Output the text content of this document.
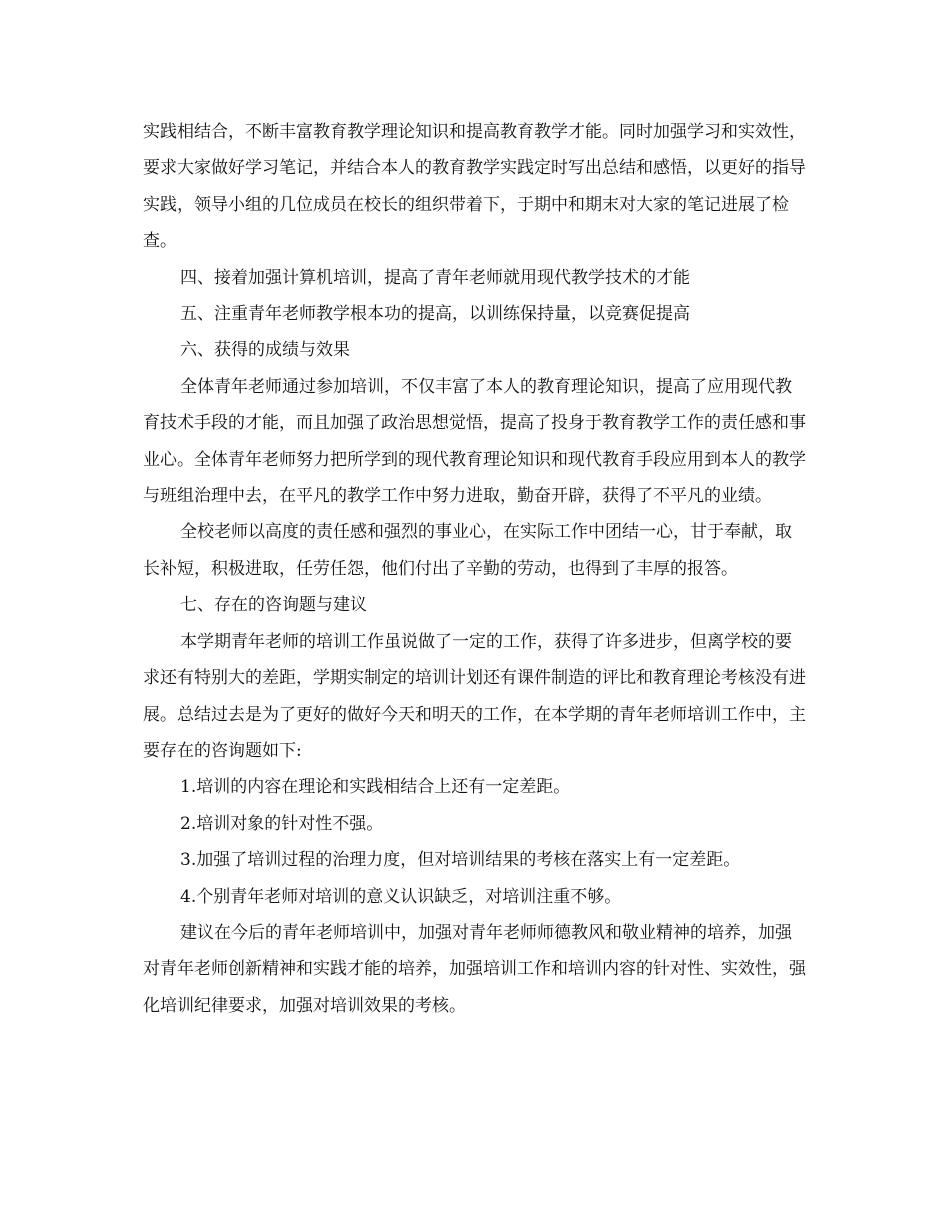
实践相结合，不断丰富教育教学理论知识和提高教育教学才能。同时加强学习和实效性，要求大家做好学习笔记，并结合本人的教育教学实践定时写出总结和感悟，以更好的指导实践，领导小组的几位成员在校长的组织带着下，于期中和期末对大家的笔记进展了检查。

四、接着加强计算机培训，提高了青年老师就用现代教学技术的才能

五、注重青年老师教学根本功的提高，以训练保持量，以竞赛促提高

六、获得的成绩与效果

全体青年老师通过参加培训，不仅丰富了本人的教育理论知识，提高了应用现代教育技术手段的才能，而且加强了政治思想觉悟，提高了投身于教育教学工作的责任感和事业心。全体青年老师努力把所学到的现代教育理论知识和现代教育手段应用到本人的教学与班组治理中去，在平凡的教学工作中努力进取，勤奋开辟，获得了不平凡的业绩。

全校老师以高度的责任感和强烈的事业心，在实际工作中团结一心，甘于奉献，取长补短，积极进取，任劳任怨，他们付出了辛勤的劳动，也得到了丰厚的报答。

七、存在的咨询题与建议

本学期青年老师的培训工作虽说做了一定的工作，获得了许多进步，但离学校的要求还有特别大的差距，学期实制定的培训计划还有课件制造的评比和教育理论考核没有进展。总结过去是为了更好的做好今天和明天的工作，在本学期的青年老师培训工作中，主要存在的咨询题如下:

1.培训的内容在理论和实践相结合上还有一定差距。

2.培训对象的针对性不强。

3.加强了培训过程的治理力度，但对培训结果的考核在落实上有一定差距。

4.个别青年老师对培训的意义认识缺乏，对培训注重不够。

建议在今后的青年老师培训中，加强对青年老师师德教风和敬业精神的培养，加强对青年老师创新精神和实践才能的培养，加强培训工作和培训内容的针对性、实效性，强化培训纪律要求，加强对培训效果的考核。
